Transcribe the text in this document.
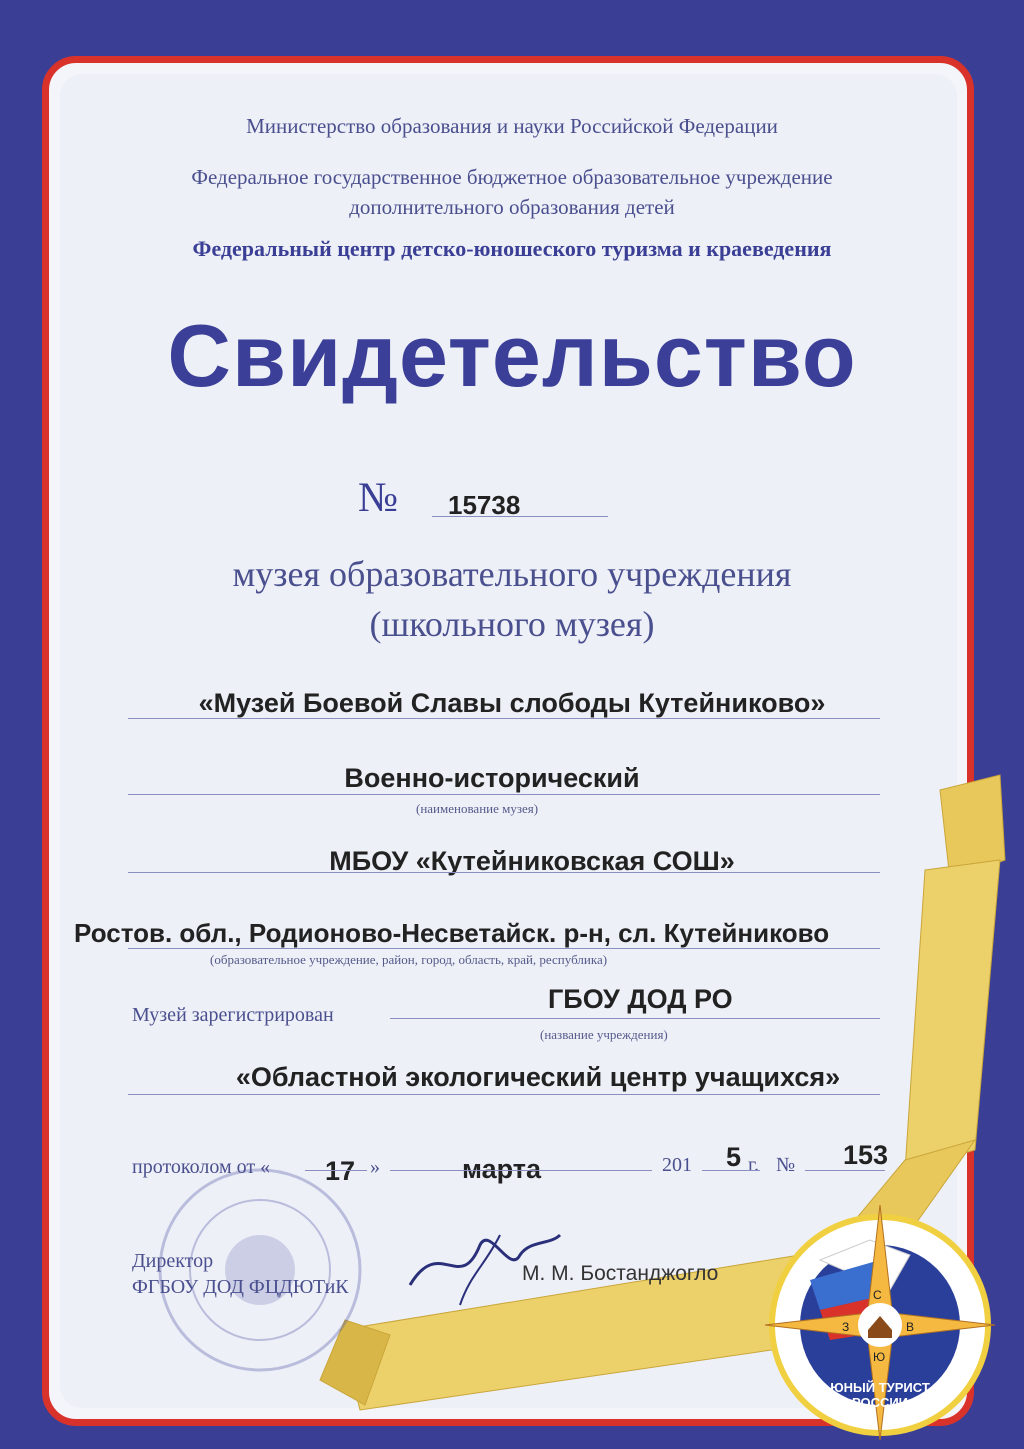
С
В
Ю
З
ЮНЫЙ ТУРИСТ РОССИИ
Министерство образования и науки Российской Федерации
Федеральное государственное бюджетное образовательное учреждение
дополнительного образования детей
Федеральный центр детско-юношеского туризма и краеведения
Свидетельство
№ 15738
музея образовательного учреждения
(школьного музея)
«Музей Боевой Славы слободы Кутейниково»
Военно-исторический
(наименование музея)
МБОУ «Кутейниковская СОШ»
Ростов. обл., Родионово-Несветайск. р-н, сл. Кутейниково
(образовательное учреждение, район, город, область, край, республика)
Музей зарегистрирован
ГБОУ ДОД РО
(название учреждения)
«Областной экологический центр учащихся»
протоколом от « 17 »	марта	201 5 г. № 153
Директор
ФГБОУ ДОД ФЦДЮТиК
М. М. Бостанджогло
